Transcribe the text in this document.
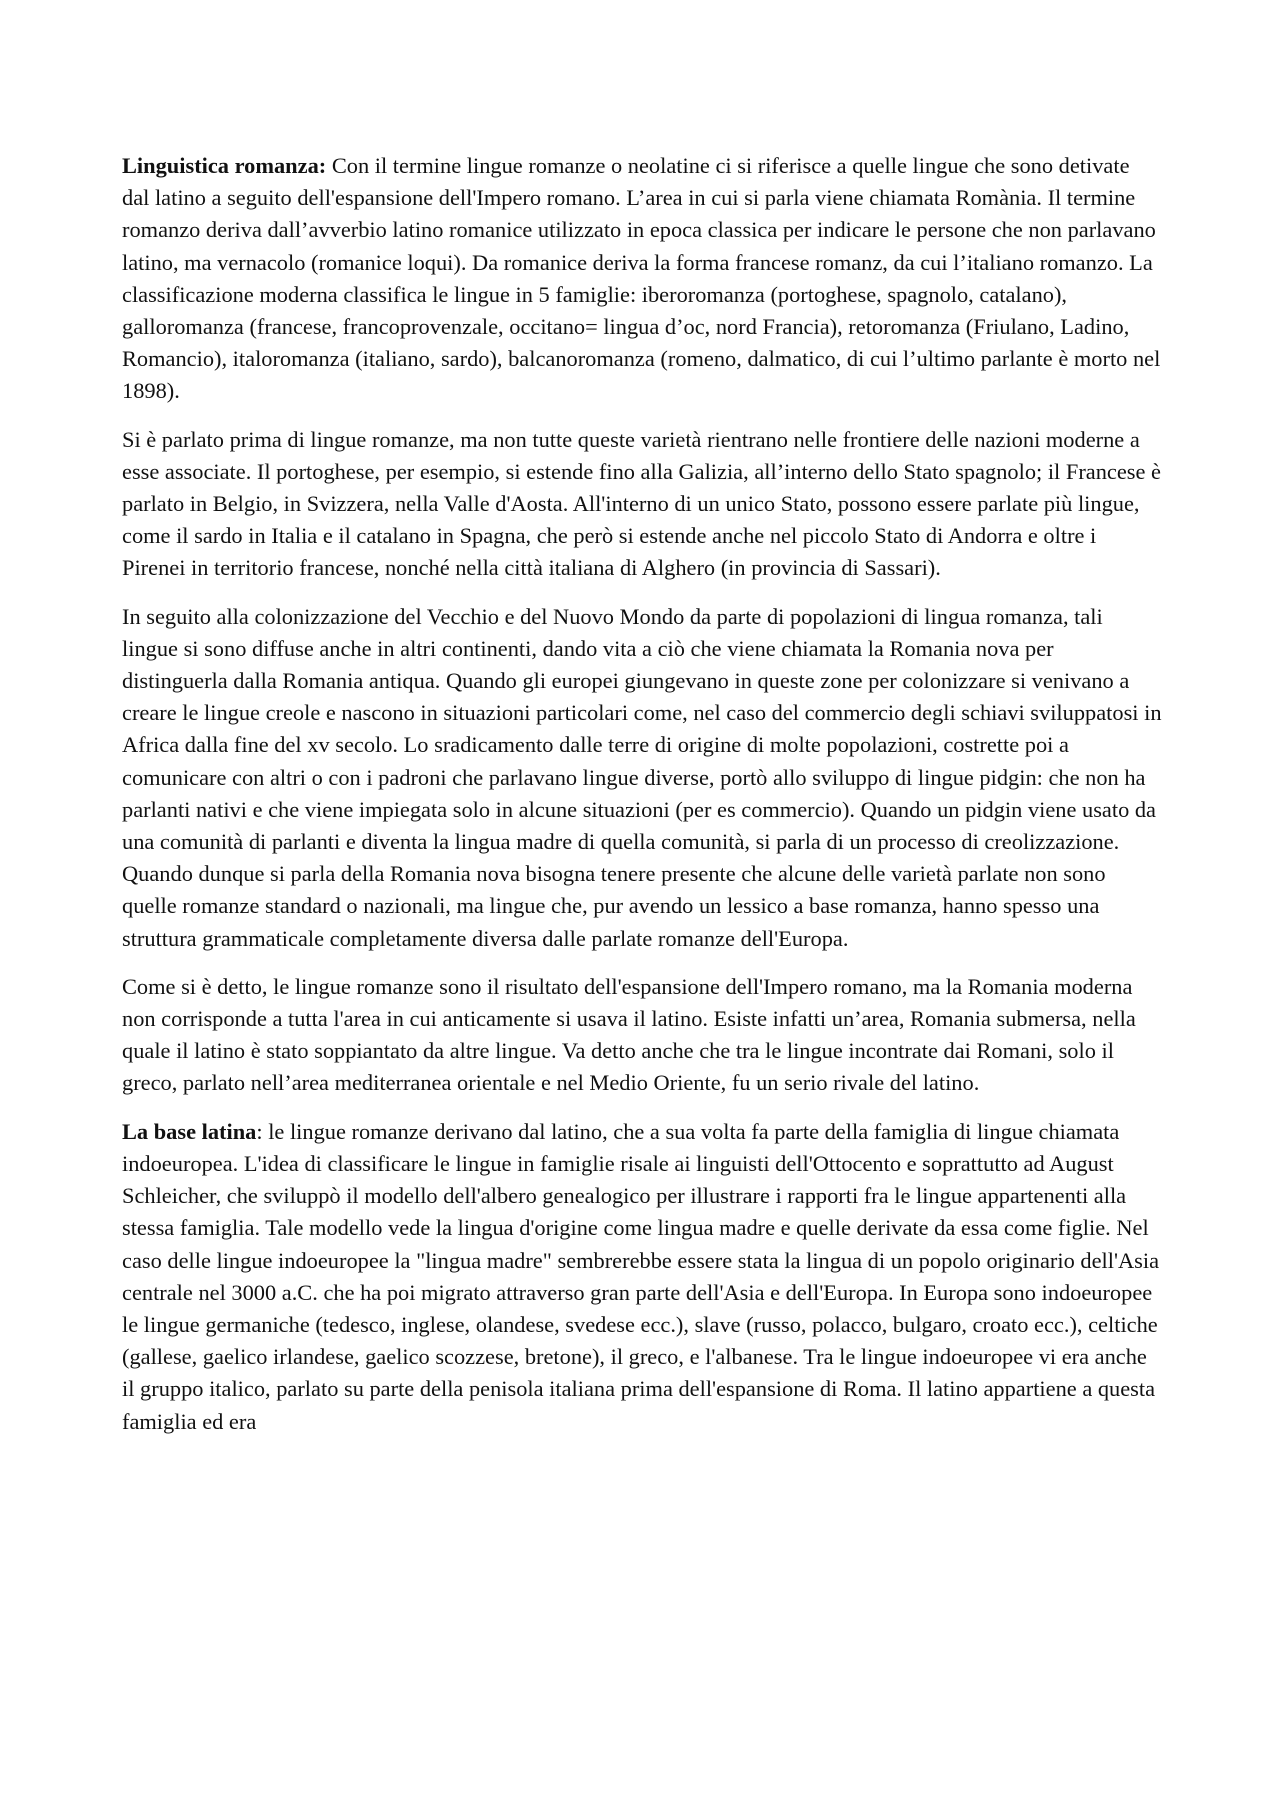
Linguistica romanza: Con il termine lingue romanze o neolatine ci si riferisce a quelle lingue che sono detivate dal latino a seguito dell'espansione dell'Impero romano. L’area in cui si parla viene chiamata Romània. Il termine romanzo deriva dall’avverbio latino romanice utilizzato in epoca classica per indicare le persone che non parlavano latino, ma vernacolo (romanice loqui). Da romanice deriva la forma francese romanz, da cui l’italiano romanzo. La classificazione moderna classifica le lingue in 5 famiglie: iberoromanza (portoghese, spagnolo, catalano), galloromanza (francese, francoprovenzale, occitano= lingua d’oc, nord Francia), retoromanza (Friulano, Ladino, Romancio), italoromanza (italiano, sardo), balcanoromanza (romeno, dalmatico, di cui l’ultimo parlante è morto nel 1898).

Si è parlato prima di lingue romanze, ma non tutte queste varietà rientrano nelle frontiere delle nazioni moderne a esse associate. Il portoghese, per esempio, si estende fino alla Galizia, all’interno dello Stato spagnolo; il Francese è parlato in Belgio, in Svizzera, nella Valle d'Aosta. All'interno di un unico Stato, possono essere parlate più lingue, come il sardo in Italia e il catalano in Spagna, che però si estende anche nel piccolo Stato di Andorra e oltre i Pirenei in territorio francese, nonché nella città italiana di Alghero (in provincia di Sassari).

In seguito alla colonizzazione del Vecchio e del Nuovo Mondo da parte di popolazioni di lingua romanza, tali lingue si sono diffuse anche in altri continenti, dando vita a ciò che viene chiamata la Romania nova per distinguerla dalla Romania antiqua. Quando gli europei giungevano in queste zone per colonizzare si venivano a creare le lingue creole e nascono in situazioni particolari come, nel caso del commercio degli schiavi sviluppatosi in Africa dalla fine del xv secolo. Lo sradicamento dalle terre di origine di molte popolazioni, costrette poi a comunicare con altri o con i padroni che parlavano lingue diverse, portò allo sviluppo di lingue pidgin: che non ha parlanti nativi e che viene impiegata solo in alcune situazioni (per es commercio). Quando un pidgin viene usato da una comunità di parlanti e diventa la lingua madre di quella comunità, si parla di un processo di creolizzazione. Quando dunque si parla della Romania nova bisogna tenere presente che alcune delle varietà parlate non sono quelle romanze standard o nazionali, ma lingue che, pur avendo un lessico a base romanza, hanno spesso una struttura grammaticale completamente diversa dalle parlate romanze dell'Europa.

Come si è detto, le lingue romanze sono il risultato dell'espansione dell'Impero romano, ma la Romania moderna non corrisponde a tutta l'area in cui anticamente si usava il latino. Esiste infatti un’area, Romania submersa, nella quale il latino è stato soppiantato da altre lingue. Va detto anche che tra le lingue incontrate dai Romani, solo il greco, parlato nell’area mediterranea orientale e nel Medio Oriente, fu un serio rivale del latino.

La base latina: le lingue romanze derivano dal latino, che a sua volta fa parte della famiglia di lingue chiamata indoeuropea. L'idea di classificare le lingue in famiglie risale ai linguisti dell'Ottocento e soprattutto ad August Schleicher, che sviluppò il modello dell'albero genealogico per illustrare i rapporti fra le lingue appartenenti alla stessa famiglia. Tale modello vede la lingua d'origine come lingua madre e quelle derivate da essa come figlie. Nel caso delle lingue indoeuropee la "lingua madre" sembrerebbe essere stata la lingua di un popolo originario dell'Asia centrale nel 3000 a.C. che ha poi migrato attraverso gran parte dell'Asia e dell'Europa. In Europa sono indoeuropee le lingue germaniche (tedesco, inglese, olandese, svedese ecc.), slave (russo, polacco, bulgaro, croato ecc.), celtiche (gallese, gaelico irlandese, gaelico scozzese, bretone), il greco, e l'albanese. Tra le lingue indoeuropee vi era anche il gruppo italico, parlato su parte della penisola italiana prima dell'espansione di Roma. Il latino appartiene a questa famiglia ed era
